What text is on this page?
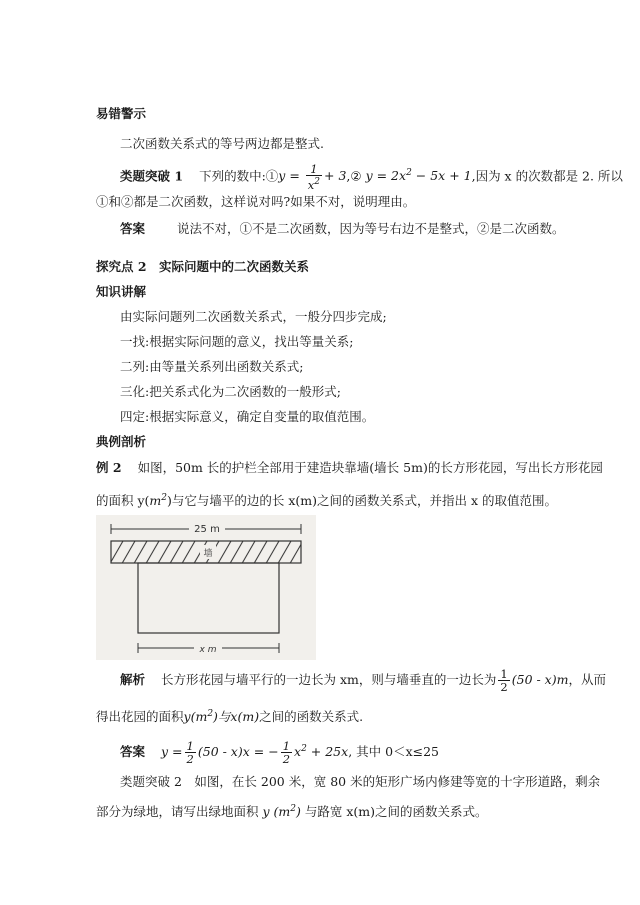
易错警示
二次函数关系式的等号两边都是整式.
类题突破 1 下列的数中:①y = $\frac{1}{x^2}$ + 3,② $y = 2x^2 - 5x + 1$,因为 x 的次数都是 2. 所以
①和②都是二次函数，这样说对吗?如果不对，说明理由。
答案	说法不对，①不是二次函数，因为等号右边不是整式，②是二次函数。
探究点 2　实际问题中的二次函数关系
知识讲解
由实际问题列二次函数关系式，一般分四步完成;
一找:根据实际问题的意义，找出等量关系;
二列:由等量关系列出函数关系式;
三化:把关系式化为二次函数的一般形式;
四定:根据实际意义，确定自变量的取值范围。
典例剖析
例 2 如图，50m 长的护栏全部用于建造块靠墙(墙长 5m)的长方形花园，写出长方形花园
的面积 $y(m^2)$与它与墙平的边的长 x(m)之间的函数关系式，并指出 x 的取值范围。
25 m
墙
x m
解析 长方形花园与墙平行的一边长为 xm，则与墙垂直的一边长为 $\frac{1}{2} (50 - x)m$，从而
得出花园的面积$y(m^2)$与x(m)之间的函数关系式.
答案 $y = \frac{1}{2} (50 - x)x$ = − $\frac{1}{2} x^2 + 25x$, 其中 0＜x≤25
类题突破 2　如图，在长 200 米，宽 80 米的矩形广场内修建等宽的十字形道路，剩余
部分为绿地，请写出绿地面积 y $(m^2)$ 与路宽 x(m)之间的函数关系式。
